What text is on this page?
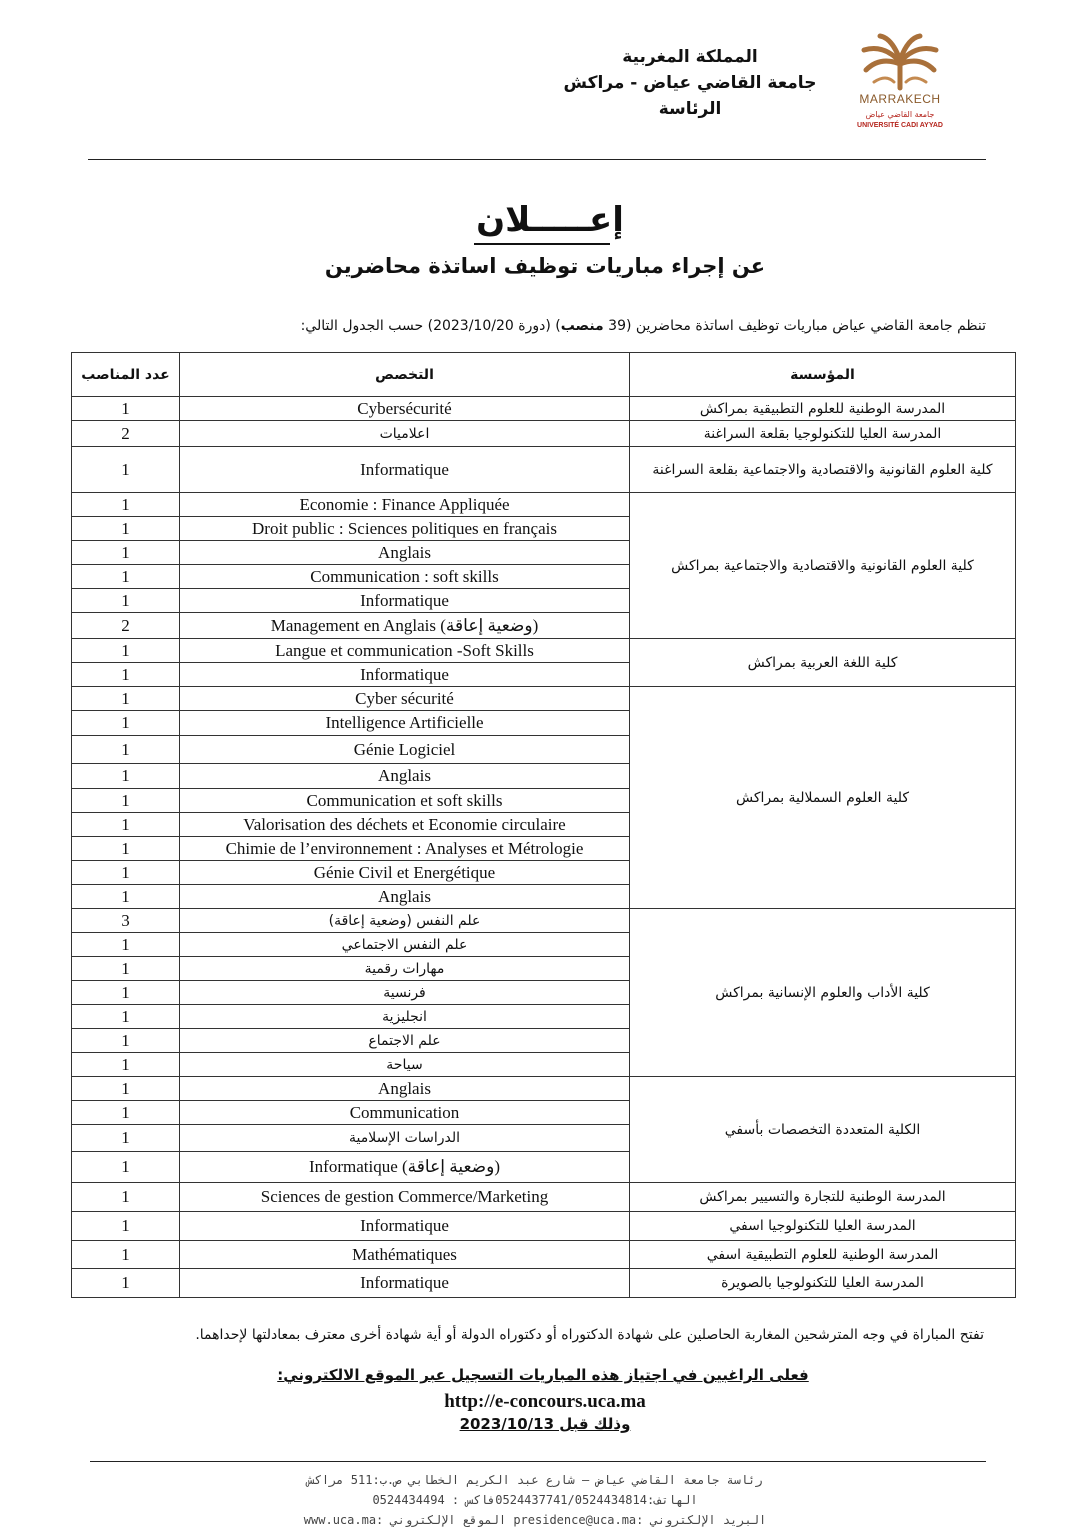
المملكة المغربية
جامعة القاضي عياض - مراكش
الرئاسة	MARRAKECH
جامعة القاضي عياض
UNIVERSITÉ CADI AYYAD
إعـــــلان
عن إجراء مباريات توظيف اساتذة محاضرين
تنظم جامعة القاضي عياض مباريات توظيف اساتذة محاضرين (39 منصب) (دورة 2023/10/20) حسب الجدول التالي:
عدد المناصب	التخصص	المؤسسة
1	Cybersécurité	المدرسة الوطنية للعلوم التطبيقية بمراكش
2	اعلاميات	المدرسة العليا للتكنولوجيا بقلعة السراغنة
1	Informatique	كلية العلوم القانونية والاقتصادية والاجتماعية بقلعة السراغنة
1	Economie : Finance Appliquée	كلية العلوم القانونية والاقتصادية والاجتماعية بمراكش
1	Droit public : Sciences politiques en français	
1	Anglais	
1	Communication : soft skills	
1	Informatique	
2	Management en Anglais (وضعية إعاقة)	
1	Langue et communication -Soft Skills	كلية اللغة العربية بمراكش
1	Informatique	
1	Cyber sécurité	كلية العلوم السملالية بمراكش
1	Intelligence Artificielle	
1	Génie Logiciel	
1	Anglais	
1	Communication et soft skills	
1	Valorisation des déchets et Economie circulaire	
1	Chimie de l’environnement : Analyses et Métrologie	
1	Génie Civil et Energétique	
1	Anglais	
3	علم النفس (وضعية إعاقة)	كلية الأداب والعلوم الإنسانية بمراكش
1	علم النفس الاجتماعي	
1	مهارات رقمية	
1	فرنسية	
1	انجليزية	
1	علم الاجتماع	
1	سياحة	
1	Anglais	الكلية المتعددة التخصصات بأسفي
1	Communication	
1	الدراسات الإسلامية	
1	Informatique (وضعية إعاقة)	
1	Sciences de gestion Commerce/Marketing	المدرسة الوطنية للتجارة والتسيير بمراكش
1	Informatique	المدرسة العليا للتكنولوجيا اسفي
1	Mathématiques	المدرسة الوطنية للعلوم التطبيقية اسفي
1	Informatique	المدرسة العليا للتكنولوجيا بالصويرة
تفتح المباراة في وجه المترشحين المغاربة الحاصلين على شهادة الدكتوراه أو دكتوراه الدولة أو أية شهادة أخرى معترف بمعادلتها لإحداهما.
فعلى الراغبين في اجتياز هذه المباريات التسجيل عبر الموقع الالكتروني:
http://e-concours.uca.ma
وذلك قبل 2023/10/13
رئاسة جامعة القاضي عياض – شارع عبد الكريم الخطابي ص.ب:511 مراكش
الهاتف:0524437741/0524434814فاكس : 0524434494
البريد الإلكتروني :presidence@uca.ma الموقع الإلكتروني :www.uca.ma
